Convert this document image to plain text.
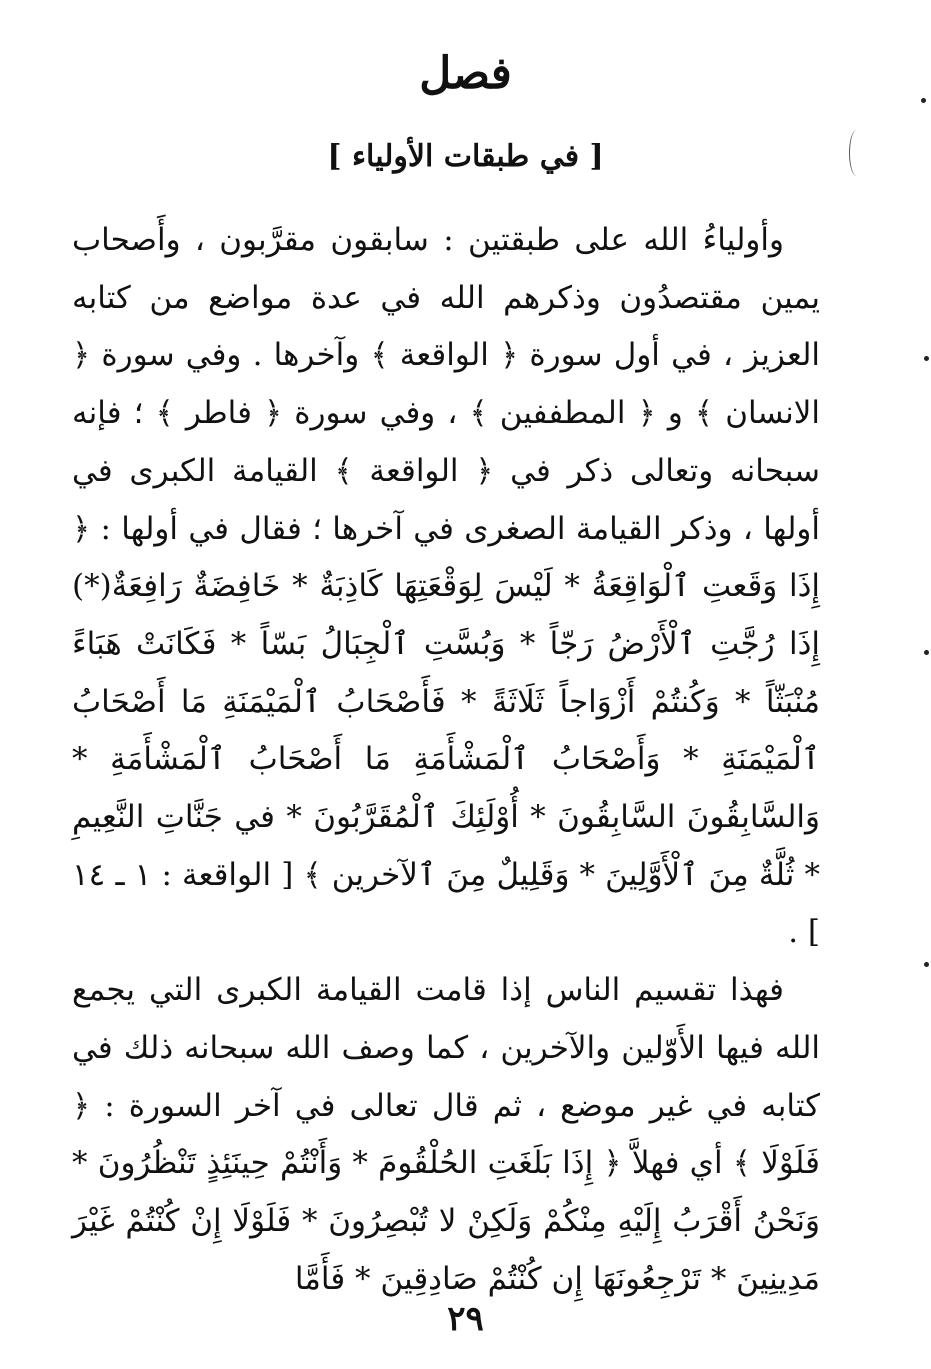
فصل
[ في طبقات الأولياء ]

وأولياءُ الله على طبقتين : سابقون مقرَّبون ، وأَصحاب يمين مقتصدُون وذكرهم الله في عدة مواضع من كتابه العزيز ، في أول سورة ﴿ الواقعة ﴾ وآخرها . وفي سورة ﴿ الانسان ﴾ و ﴿ المطففين ﴾ ، وفي سورة ﴿ فاطر ﴾ ؛ فإنه سبحانه وتعالى ذكر في ﴿ الواقعة ﴾ القيامة الكبرى في أولها ، وذكر القيامة الصغرى في آخرها ؛ فقال في أولها : ﴿ إِذَا وَقَعتِ ٱلْوَاقِعَةُ * لَيْسَ لِوَقْعَتِهَا كَاذِبَةٌ * خَافِضَةٌ رَافِعَةٌ(*) إِذَا رُجَّتِ ٱلْأَرْضُ رَجّاً * وَبُسَّتِ ٱلْجِبَالُ بَسّاً * فَكَانَتْ هَبَاءً مُنْبَثّاً * وَكُنتُمْ أَزْوَاجاً ثَلَاثَةً * فَأَصْحَابُ ٱلْمَيْمَنَةِ مَا أَصْحَابُ ٱلْمَيْمَنَةِ * وَأَصْحَابُ ٱلْمَشْأَمَةِ مَا أَصْحَابُ ٱلْمَشْأَمَةِ * وَالسَّابِقُونَ السَّابِقُونَ * أُوْلَئِكَ ٱلْمُقَرَّبُونَ * في جَنَّاتِ النَّعِيمِ * ثُلَّةٌ مِنَ ٱلْأَوَّلِينَ * وَقَلِيلٌ مِنَ ٱلآخرين ﴾ [ الواقعة : ١ ـ ١٤ ] .

فهذا تقسيم الناس إذا قامت القيامة الكبرى التي يجمع الله فيها الأَوّلين والآخرين ، كما وصف الله سبحانه ذلك في كتابه في غير موضع ، ثم قال تعالى في آخر السورة : ﴿ فَلَوْلَا ﴾ أي فهلاَّ ﴿ إِذَا بَلَغَتِ الحُلْقُومَ * وَأَنْتُمْ حِينَئِذٍ تَنْظُرُونَ * وَنَحْنُ أَقْرَبُ إِلَيْهِ مِنْكُمْ وَلَكِنْ لا تُبْصِرُونَ * فَلَوْلَا إِنْ كُنْتُمْ غَيْرَ مَدِينِينَ * تَرْجِعُونَهَا إِن كُنْتُمْ صَادِقِينَ * فَأَمَّا

٢٩
